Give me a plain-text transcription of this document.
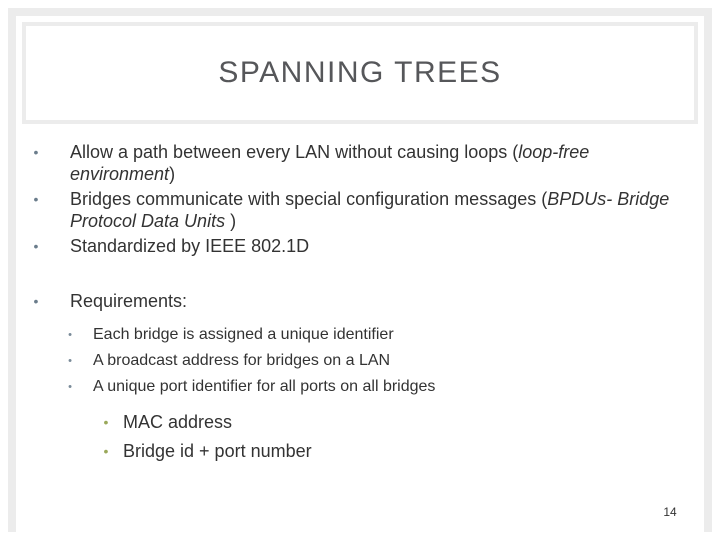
SPANNING TREES
•	Allow a path between every LAN without causing loops (loop-free environment)
•	Bridges communicate with special configuration messages (BPDUs- Bridge Protocol Data Units )
•	Standardized by IEEE 802.1D
•	Requirements:
•	Each bridge is assigned a unique identifier
•	A broadcast address for bridges on a LAN
•	A unique port identifier for all ports on all bridges
• MAC address
• Bridge id + port number
14
